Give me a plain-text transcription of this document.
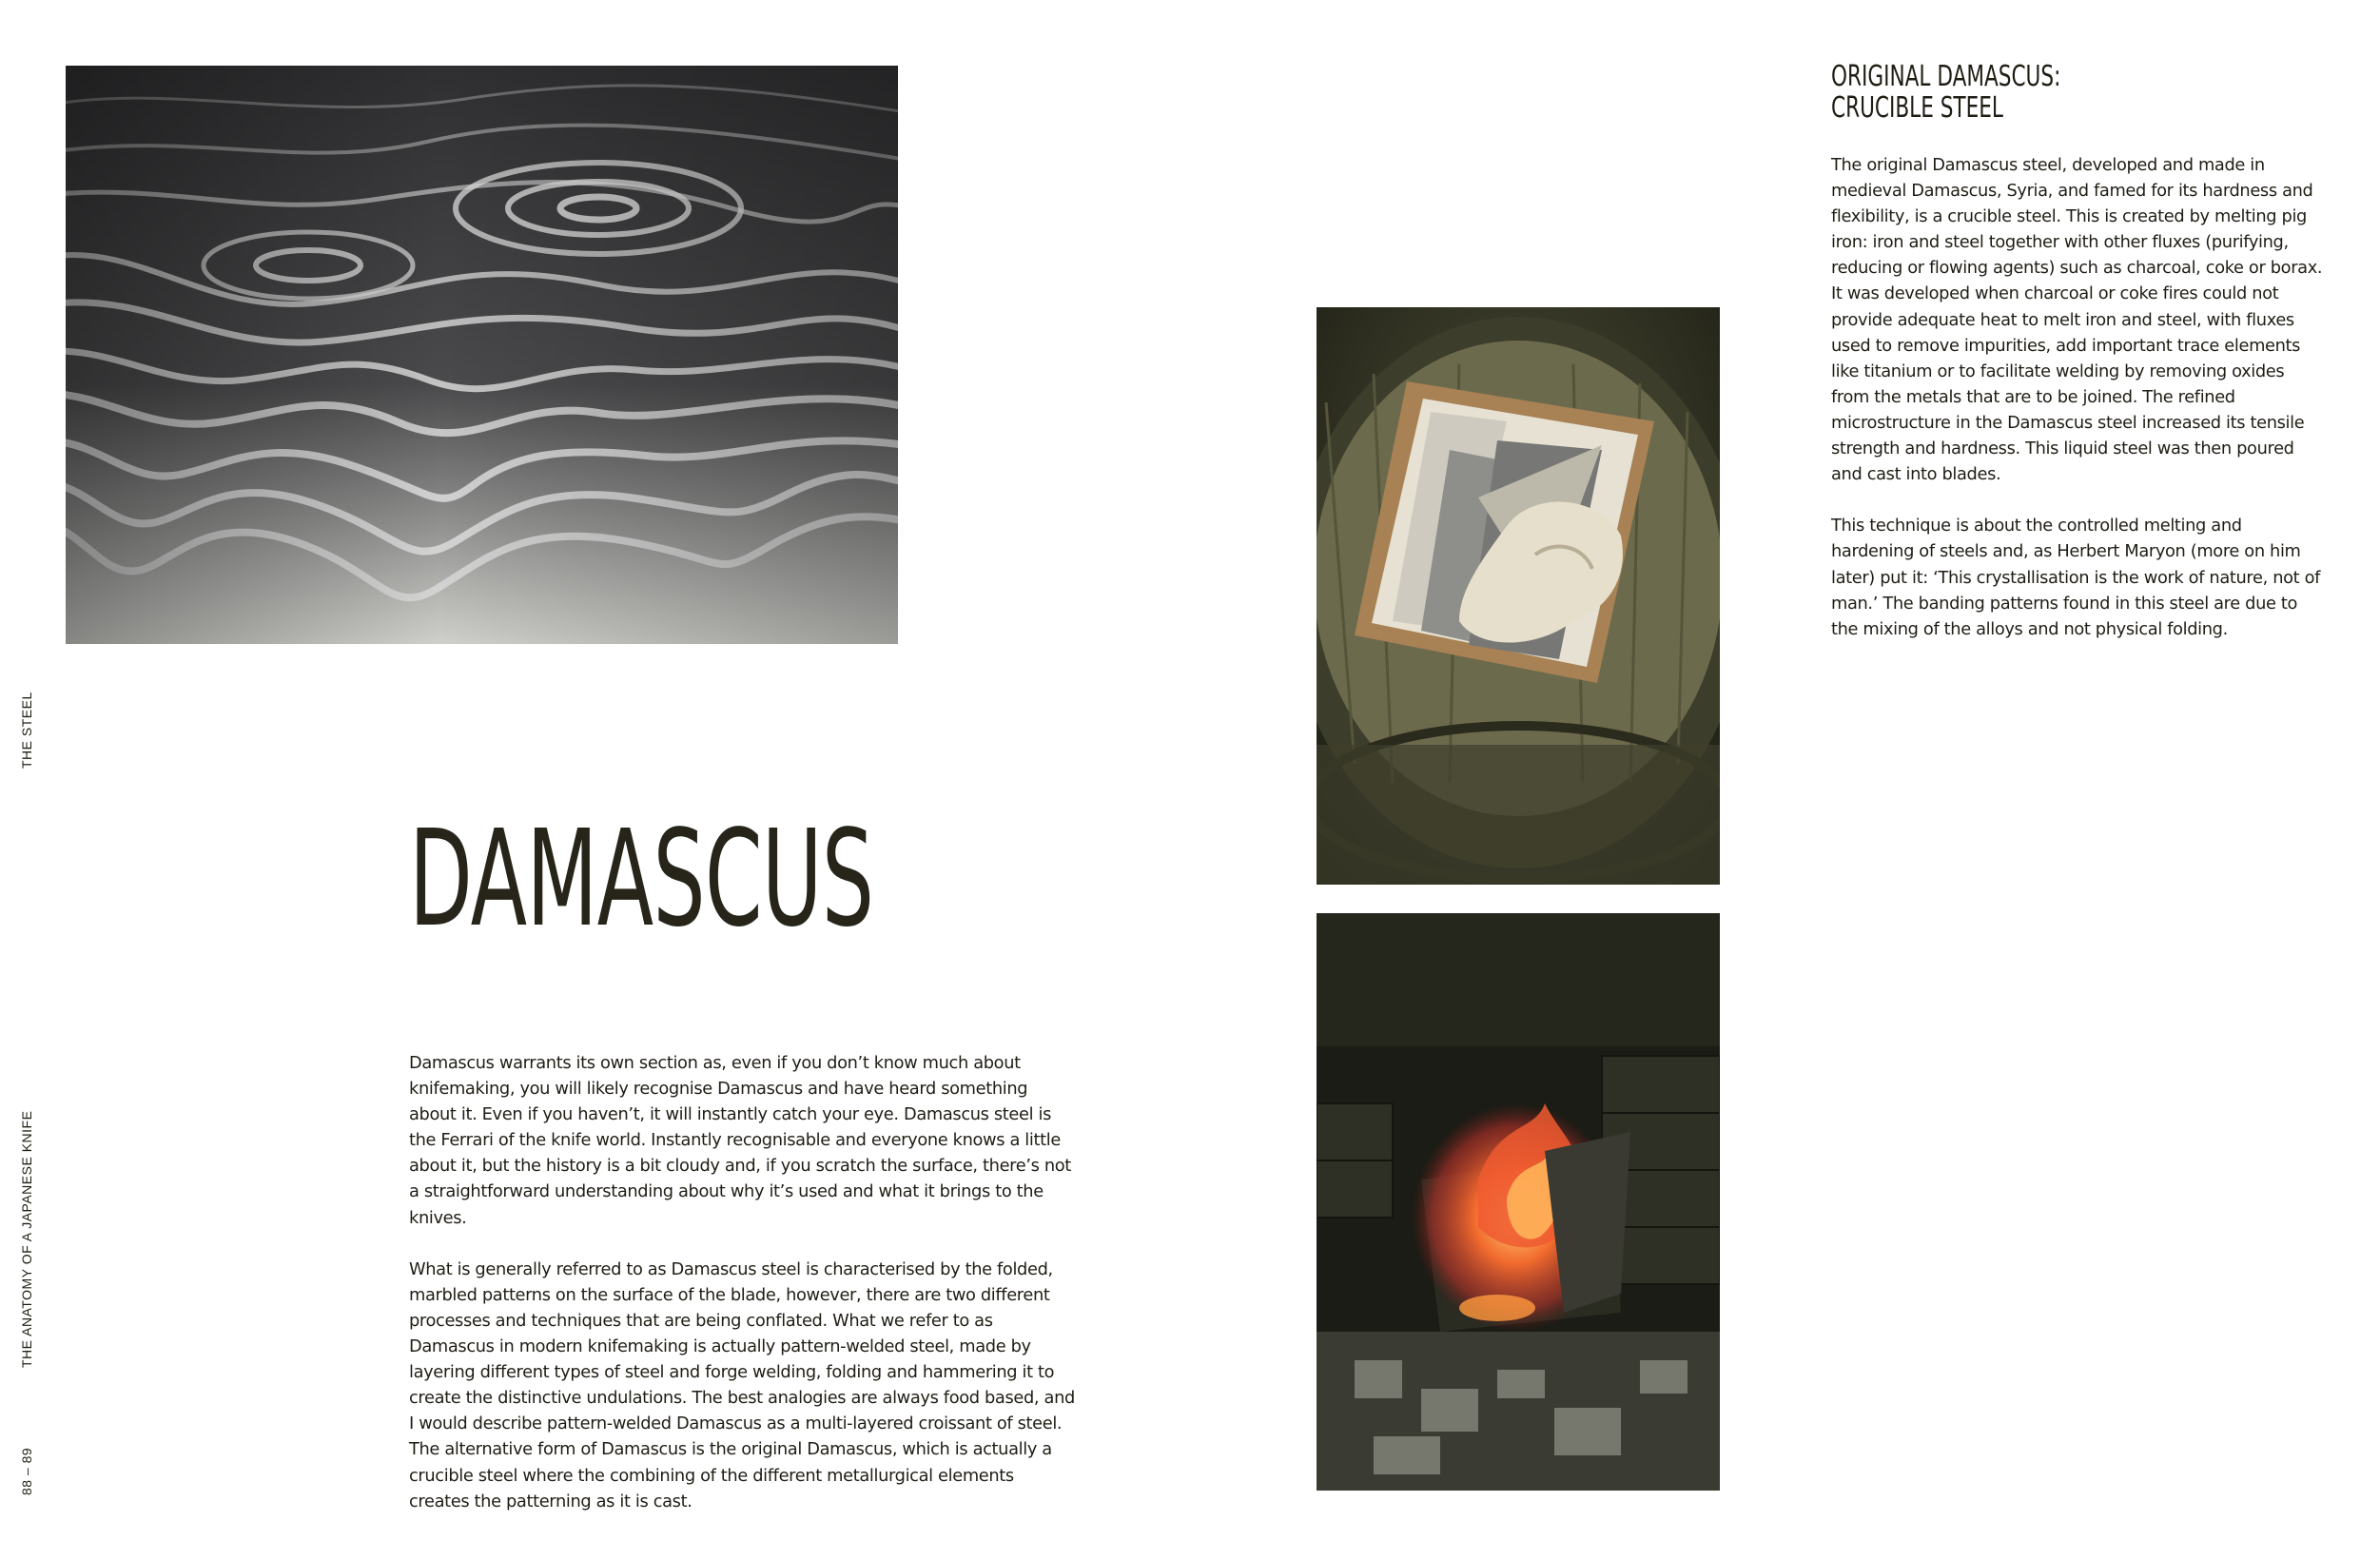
THE STEEL
THE ANATOMY OF A JAPANESE KNIFE
88 – 89
DAMASCUS

Damascus warrants its own section as, even if you don’t know much about knifemaking, you will likely recognise Damascus and have heard something about it. Even if you haven’t, it will instantly catch your eye. Damascus steel is the Ferrari of the knife world. Instantly recognisable and everyone knows a little about it, but the history is a bit cloudy and, if you scratch the surface, there’s not a straightforward understanding about why it’s used and what it brings to the knives.

What is generally referred to as Damascus steel is characterised by the folded, marbled patterns on the surface of the blade, however, there are two different processes and techniques that are being conflated. What we refer to as Damascus in modern knifemaking is actually pattern-welded steel, made by layering different types of steel and forge welding, folding and hammering it to create the distinctive undulations. The best analogies are always food based, and I would describe pattern-welded Damascus as a multi-layered croissant of steel. The alternative form of Damascus is the original Damascus, which is actually a crucible steel where the combining of the different metallurgical elements creates the patterning as it is cast.

ORIGINAL DAMASCUS:
CRUCIBLE STEEL

The original Damascus steel, developed and made in medieval Damascus, Syria, and famed for its hardness and flexibility, is a crucible steel. This is created by melting pig iron: iron and steel together with other fluxes (purifying, reducing or flowing agents) such as charcoal, coke or borax. It was developed when charcoal or coke fires could not provide adequate heat to melt iron and steel, with fluxes used to remove impurities, add important trace elements like titanium or to facilitate welding by removing oxides from the metals that are to be joined. The refined microstructure in the Damascus steel increased its tensile strength and hardness. This liquid steel was then poured and cast into blades.

This technique is about the controlled melting and hardening of steels and, as Herbert Maryon (more on him later) put it: ‘This crystallisation is the work of nature, not of man.’ The banding patterns found in this steel are due to the mixing of the alloys and not physical folding.
